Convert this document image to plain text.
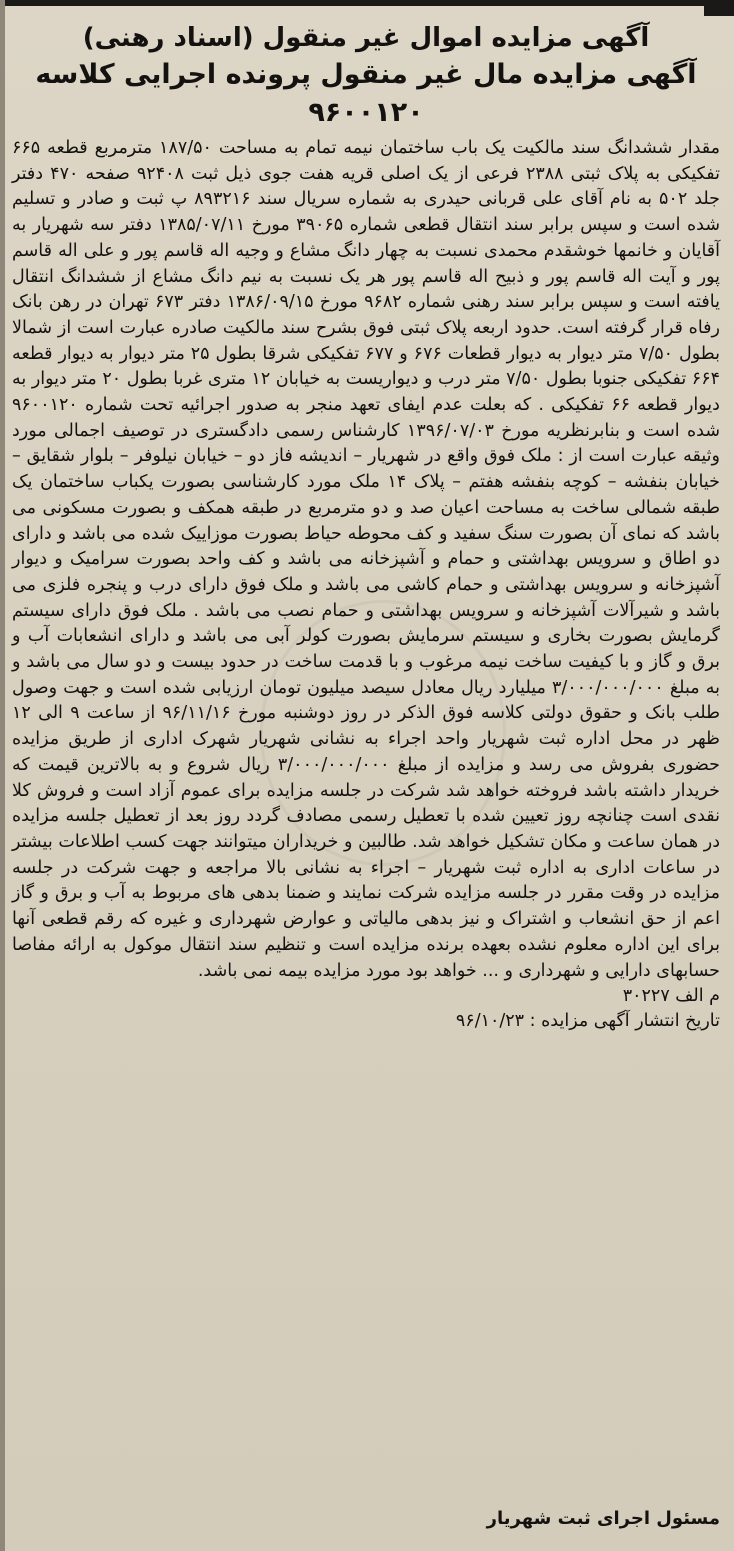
آگهی مزایده اموال غیر منقول (اسناد رهنی)
آگهی مزایده مال غیر منقول پرونده اجرایی کلاسه ۹۶۰۰۱۲۰

مقدار ششدانگ سند مالکیت یک باب ساختمان نیمه تمام به مساحت ۱۸۷/۵۰ مترمربع قطعه ۶۶۵ تفکیکی به پلاک ثبتی ۲۳۸۸ فرعی از یک اصلی قریه هفت جوی ذیل ثبت ۹۲۴۰۸ صفحه ۴۷۰ دفتر جلد ۵۰۲ به نام آقای علی قربانی حیدری به شماره سریال سند ۸۹۳۲۱۶ پ ثبت و صادر و تسلیم شده است و سپس برابر سند انتقال قطعی شماره ۳۹۰۶۵ مورخ ۱۳۸۵/۰۷/۱۱ دفتر سه شهریار به آقایان و خانمها خوشقدم محمدی نسبت به چهار دانگ مشاع و وجیه اله قاسم پور و علی اله قاسم پور و آیت اله قاسم پور و ذبیح اله قاسم پور هر یک نسبت به نیم دانگ مشاع از ششدانگ انتقال یافته است و سپس برابر سند رهنی شماره ۹۶۸۲ مورخ ۱۳۸۶/۰۹/۱۵ دفتر ۶۷۳ تهران در رهن بانک رفاه قرار گرفته است. حدود اربعه پلاک ثبتی فوق بشرح سند مالکیت صادره عبارت است از شمالا بطول ۷/۵۰ متر دیوار به دیوار قطعات ۶۷۶ و ۶۷۷ تفکیکی شرقا بطول ۲۵ متر دیوار به دیوار قطعه ۶۶۴ تفکیکی جنوبا بطول ۷/۵۰ متر درب و دیواریست به خیابان ۱۲ متری غربا بطول ۲۰ متر دیوار به دیوار قطعه ۶۶ تفکیکی . که بعلت عدم ایفای تعهد منجر به صدور اجرائیه تحت شماره ۹۶۰۰۱۲۰ شده است و بنابرنظریه مورخ ۱۳۹۶/۰۷/۰۳ کارشناس رسمی دادگستری در توصیف اجمالی مورد وثیقه عبارت است از : ملک فوق واقع در شهریار – اندیشه فاز دو – خیابان نیلوفر – بلوار شقایق – خیابان بنفشه – کوچه بنفشه هفتم – پلاک ۱۴ ملک مورد کارشناسی بصورت یکباب ساختمان یک طبقه شمالی ساخت به مساحت اعیان صد و دو مترمربع در طبقه همکف و بصورت مسکونی می باشد که نمای آن بصورت سنگ سفید و کف محوطه حیاط بصورت موزاییک شده می باشد و دارای دو اطاق و سرویس بهداشتی و حمام و آشپزخانه می باشد و کف واحد بصورت سرامیک و دیوار آشپزخانه و سرویس بهداشتی و حمام کاشی می باشد و ملک فوق دارای درب و پنجره فلزی می باشد و شیرآلات آشپزخانه و سرویس بهداشتی و حمام نصب می باشد . ملک فوق دارای سیستم گرمایش بصورت بخاری و سیستم سرمایش بصورت کولر آبی می باشد و دارای انشعابات آب و برق و گاز و با کیفیت ساخت نیمه مرغوب و با قدمت ساخت در حدود بیست و دو سال می باشد و به مبلغ ۳/۰۰۰/۰۰۰/۰۰۰ میلیارد ریال معادل سیصد میلیون تومان ارزیابی شده است و جهت وصول طلب بانک و حقوق دولتی کلاسه فوق الذکر در روز دوشنبه مورخ ۹۶/۱۱/۱۶ از ساعت ۹ الی ۱۲ ظهر در محل اداره ثبت شهریار واحد اجراء به نشانی شهریار شهرک اداری از طریق مزایده حضوری بفروش می رسد و مزایده از مبلغ ۳/۰۰۰/۰۰۰/۰۰۰ ریال شروع و به بالاترین قیمت که خریدار داشته باشد فروخته خواهد شد شرکت در جلسه مزایده برای عموم آزاد است و فروش کلا نقدی است چنانچه روز تعیین شده با تعطیل رسمی مصادف گردد روز بعد از تعطیل جلسه مزایده در همان ساعت و مکان تشکیل خواهد شد. طالبین و خریداران میتوانند جهت کسب اطلاعات بیشتر در ساعات اداری به اداره ثبت شهریار – اجراء به نشانی بالا مراجعه و جهت شرکت در جلسه مزایده در وقت مقرر در جلسه مزایده شرکت نمایند و ضمنا بدهی های مربوط به آب و برق و گاز اعم از حق انشعاب و اشتراک و نیز بدهی مالیاتی و عوارض شهرداری و غیره که رقم قطعی آنها برای این اداره معلوم نشده بعهده برنده مزایده است و تنظیم سند انتقال موکول به ارائه مفاصا حسابهای دارایی و شهرداری و ... خواهد بود مورد مزایده بیمه نمی باشد.

م الف ۳۰۲۲۷

تاریخ انتشار آگهی مزایده : ۹۶/۱۰/۲۳

مسئول اجرای ثبت شهریار
